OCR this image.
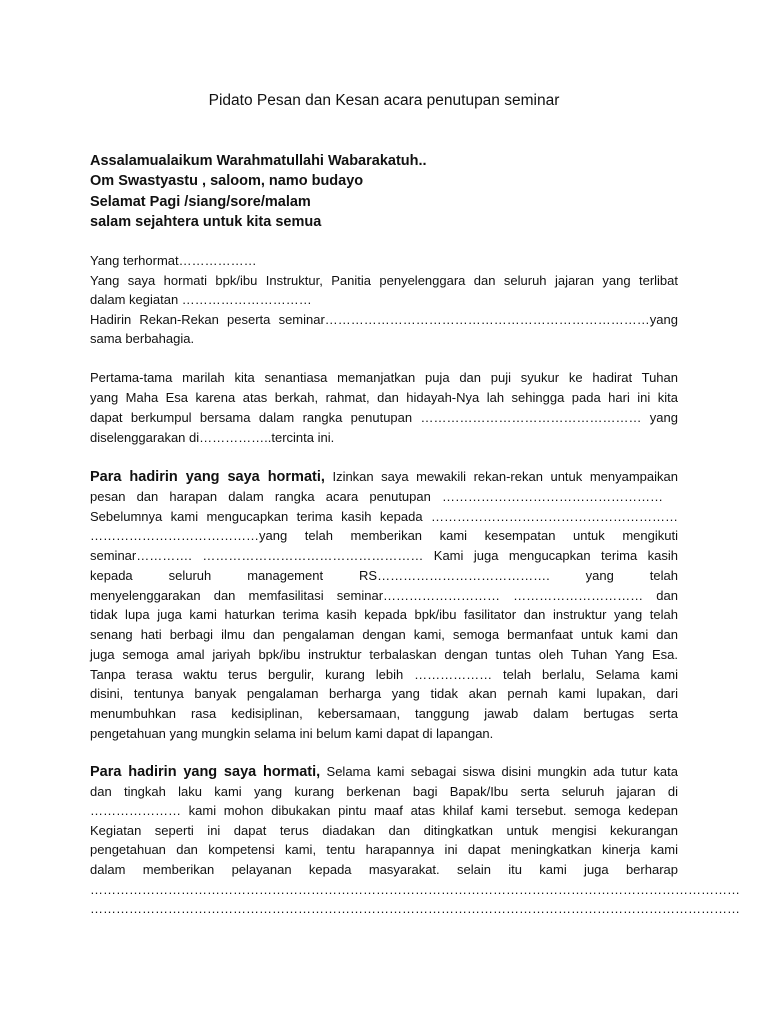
Pidato Pesan dan Kesan acara penutupan seminar
Assalamualaikum Warahmatullahi Wabarakatuh..
Om Swastyastu , saloom, namo budayo
Selamat Pagi /siang/sore/malam
salam sejahtera untuk kita semua
Yang terhormat………………
Yang saya hormati bpk/ibu Instruktur, Panitia penyelenggara dan seluruh jajaran yang terlibat
dalam kegiatan …………………………
Hadirin Rekan-Rekan peserta seminar…………………………………………………………………yang
sama berbahagia.
Pertama-tama marilah kita senantiasa memanjatkan puja dan puji syukur ke hadirat Tuhan
yang Maha Esa karena atas berkah, rahmat, dan hidayah-Nya lah sehingga pada hari ini kita
dapat berkumpul bersama dalam rangka penutupan …………………………………………… yang
diselenggarakan di……………..tercinta ini.
Para hadirin yang saya hormati, Izinkan saya mewakili rekan-rekan untuk menyampaikan
pesan dan harapan dalam rangka acara penutupan ……………………………………………
Sebelumnya kami mengucapkan terima kasih kepada …………………………………………………
…………………………………yang telah memberikan kami kesempatan untuk mengikuti
seminar…………. …………………………………………… Kami juga mengucapkan terima kasih
kepada seluruh management RS…………………………………. yang telah
menyelenggarakan dan memfasilitasi seminar……………………… ………………………… dan
tidak lupa juga kami haturkan terima kasih kepada bpk/ibu fasilitator dan instruktur yang telah
senang hati berbagi ilmu dan pengalaman dengan kami, semoga bermanfaat untuk kami dan
juga semoga amal jariyah bpk/ibu instruktur terbalaskan dengan tuntas oleh Tuhan Yang Esa.
Tanpa terasa waktu terus bergulir, kurang lebih ……………… telah berlalu, Selama kami
disini, tentunya banyak pengalaman berharga yang tidak akan pernah kami lupakan, dari
menumbuhkan rasa kedisiplinan, kebersamaan, tanggung jawab dalam bertugas serta
pengetahuan yang mungkin selama ini belum kami dapat di lapangan.
Para hadirin yang saya hormati, Selama kami sebagai siswa disini mungkin ada tutur kata
dan tingkah laku kami yang kurang berkenan bagi Bapak/Ibu serta seluruh jajaran di
………………… kami mohon dibukakan pintu maaf atas khilaf kami tersebut. semoga kedepan
Kegiatan seperti ini dapat terus diadakan dan ditingkatkan untuk mengisi kekurangan
pengetahuan dan kompetensi kami, tentu harapannya ini dapat meningkatkan kinerja kami
dalam memberikan pelayanan kepada masyarakat. selain itu kami juga berharap
……………………………………………………………………………………………………………………………………
……………………………………………………………………………………………………………………………………
